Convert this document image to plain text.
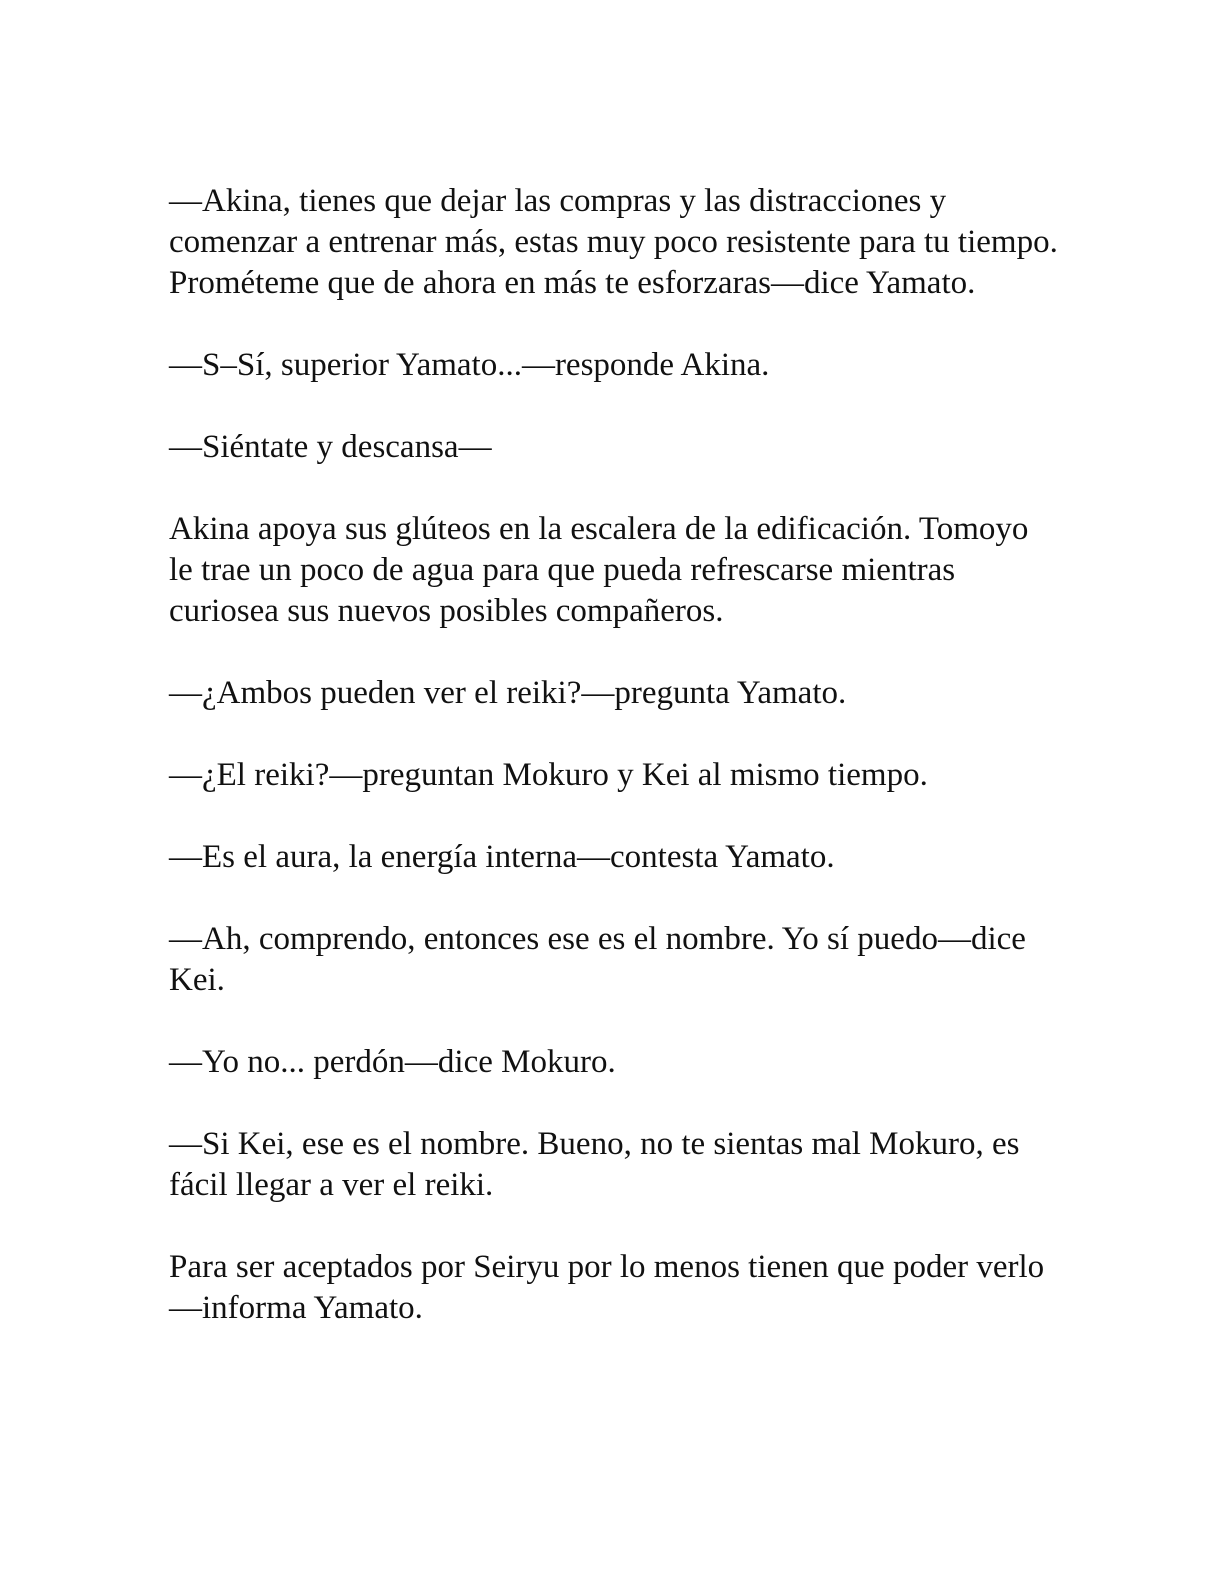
—Akina, tienes que dejar las compras y las distracciones y comenzar a entrenar más, estas muy poco resistente para tu tiempo. Prométeme que de ahora en más te esforzaras—dice Yamato.

—S–Sí, superior Yamato...—responde Akina.

—Siéntate y descansa—

Akina apoya sus glúteos en la escalera de la edificación. Tomoyo le trae un poco de agua para que pueda refrescarse mientras curiosea sus nuevos posibles compañeros.

—¿Ambos pueden ver el reiki?—pregunta Yamato.

—¿El reiki?—preguntan Mokuro y Kei al mismo tiempo.

—Es el aura, la energía interna—contesta Yamato.

—Ah, comprendo, entonces ese es el nombre. Yo sí puedo—dice Kei.

—Yo no... perdón—dice Mokuro.

—Si Kei, ese es el nombre. Bueno, no te sientas mal Mokuro, es fácil llegar a ver el reiki.

Para ser aceptados por Seiryu por lo menos tienen que poder verlo—informa Yamato.
